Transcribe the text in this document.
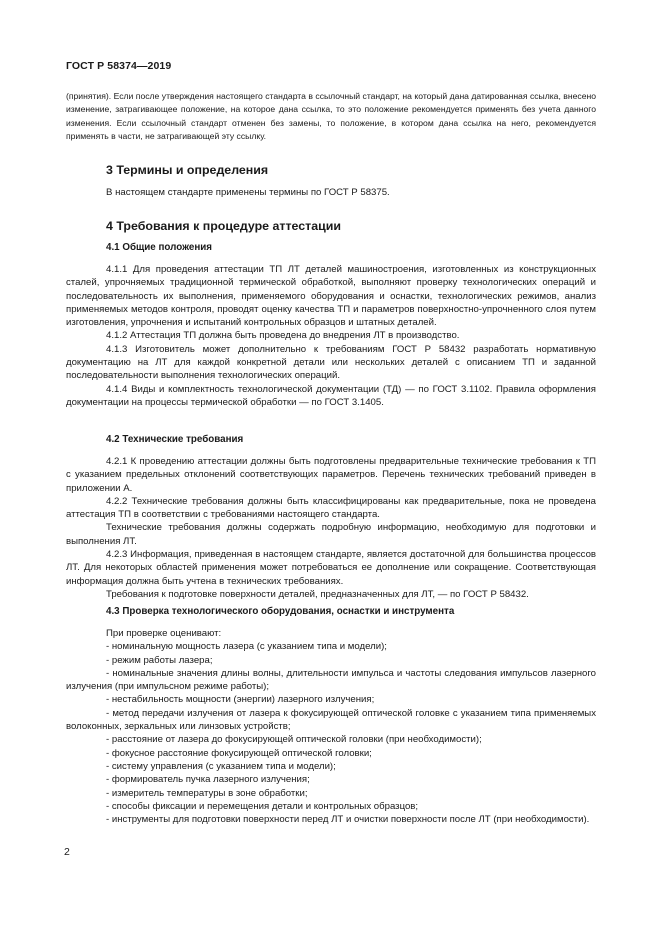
ГОСТ Р 58374—2019
(принятия). Если после утверждения настоящего стандарта в ссылочный стандарт, на который дана датированная ссылка, внесено изменение, затрагивающее положение, на которое дана ссылка, то это положение рекомендуется применять без учета данного изменения. Если ссылочный стандарт отменен без замены, то положение, в котором дана ссылка на него, рекомендуется применять в части, не затрагивающей эту ссылку.
3 Термины и определения

В настоящем стандарте применены термины по ГОСТ Р 58375.

4 Требования к процедуре аттестации
4.1 Общие положения

4.1.1 Для проведения аттестации ТП ЛТ деталей машиностроения, изготовленных из конструкционных сталей, упрочняемых традиционной термической обработкой, выполняют проверку технологических операций и последовательность их выполнения, применяемого оборудования и оснастки, технологических режимов, анализ применяемых методов контроля, проводят оценку качества ТП и параметров поверхностно-упрочненного слоя путем изготовления, упрочнения и испытаний контрольных образцов и штатных деталей.

4.1.2 Аттестация ТП должна быть проведена до внедрения ЛТ в производство.

4.1.3 Изготовитель может дополнительно к требованиям ГОСТ Р 58432 разработать нормативную документацию на ЛТ для каждой конкретной детали или нескольких деталей с описанием ТП и заданной последовательности выполнения технологических операций.

4.1.4 Виды и комплектность технологической документации (ТД) — по ГОСТ 3.1102. Правила оформления документации на процессы термической обработки — по ГОСТ 3.1405.

4.2 Технические требования

4.2.1 К проведению аттестации должны быть подготовлены предварительные технические требования к ТП с указанием предельных отклонений соответствующих параметров. Перечень технических требований приведен в приложении А.

4.2.2 Технические требования должны быть классифицированы как предварительные, пока не проведена аттестация ТП в соответствии с требованиями настоящего стандарта.

Технические требования должны содержать подробную информацию, необходимую для подготовки и выполнения ЛТ.

4.2.3 Информация, приведенная в настоящем стандарте, является достаточной для большинства процессов ЛТ. Для некоторых областей применения может потребоваться ее дополнение или сокращение. Соответствующая информация должна быть учтена в технических требованиях.

Требования к подготовке поверхности деталей, предназначенных для ЛТ, — по ГОСТ Р 58432.

4.3 Проверка технологического оборудования, оснастки и инструмента

При проверке оценивают:

- номинальную мощность лазера (с указанием типа и модели);

- режим работы лазера;

- номинальные значения длины волны, длительности импульса и частоты следования импульсов лазерного излучения (при импульсном режиме работы);

- нестабильность мощности (энергии) лазерного излучения;

- метод передачи излучения от лазера к фокусирующей оптической головке с указанием типа применяемых волоконных, зеркальных или линзовых устройств;

- расстояние от лазера до фокусирующей оптической головки (при необходимости);

- фокусное расстояние фокусирующей оптической головки;

- систему управления (с указанием типа и модели);

- формирователь пучка лазерного излучения;

- измеритель температуры в зоне обработки;

- способы фиксации и перемещения детали и контрольных образцов;

- инструменты для подготовки поверхности перед ЛТ и очистки поверхности после ЛТ (при необходимости).

2
